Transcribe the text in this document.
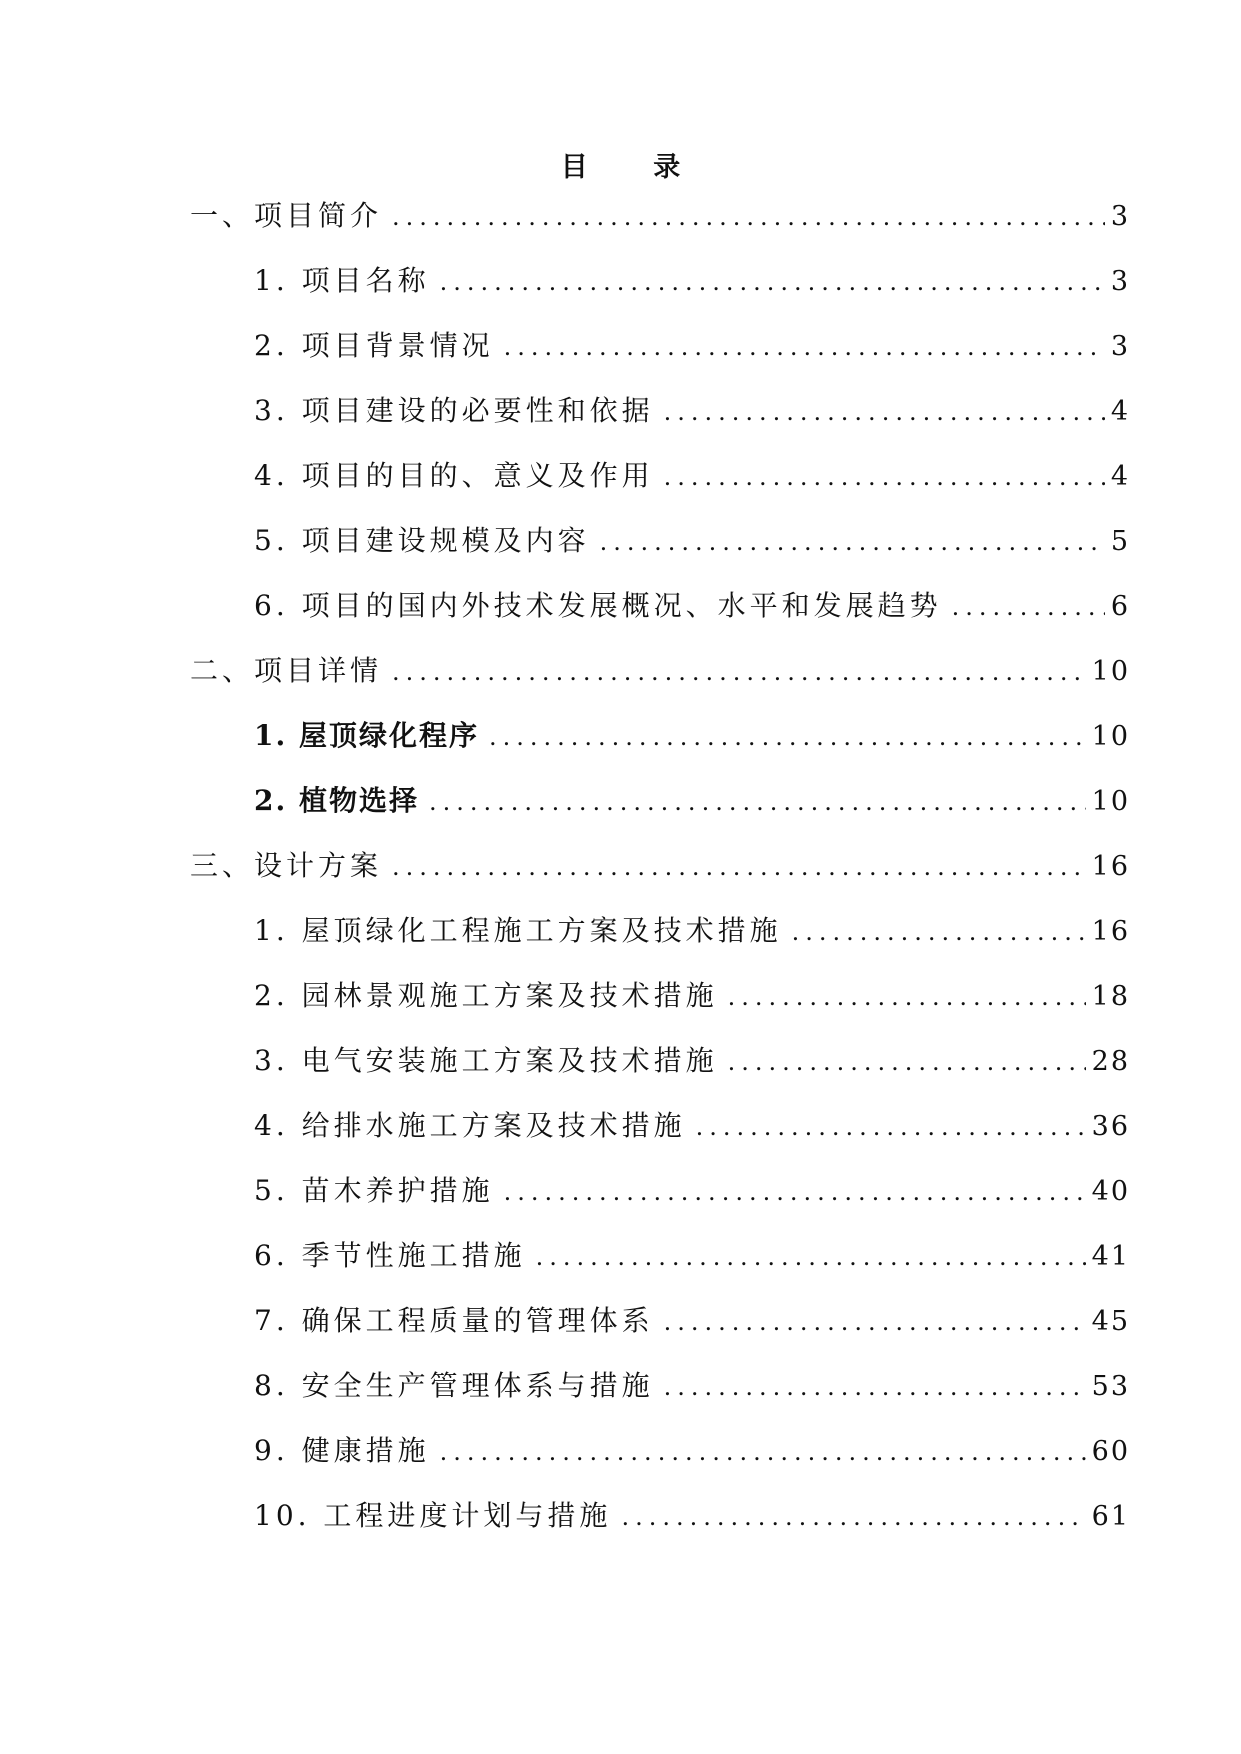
目 录
一、项目简介 .....	3
1. 项目名称 .....	3
2. 项目背景情况 .....	3
3. 项目建设的必要性和依据 .....	4
4. 项目的目的、意义及作用 .....	4
5. 项目建设规模及内容 .....	5
6. 项目的国内外技术发展概况、水平和发展趋势 .....	6
二、项目详情 .....	10
1. 屋顶绿化程序 .....	10
2. 植物选择 .....	10
三、设计方案 .....	16
1. 屋顶绿化工程施工方案及技术措施 .....	16
2. 园林景观施工方案及技术措施 .....	18
3. 电气安装施工方案及技术措施 .....	28
4. 给排水施工方案及技术措施 .....	36
5. 苗木养护措施 .....	40
6. 季节性施工措施 .....	41
7. 确保工程质量的管理体系 .....	45
8. 安全生产管理体系与措施 .....	53
9. 健康措施 .....	60
10. 工程进度计划与措施 .....	61
